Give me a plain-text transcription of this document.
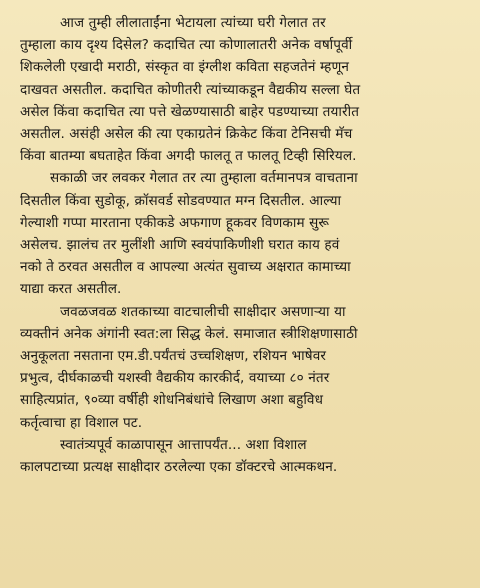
आज तुम्ही लीलाताईंना भेटायला त्यांच्या घरी गेलात तर
तुम्हाला काय दृश्य दिसेल? कदाचित त्या कोणालातरी अनेक वर्षापूर्वी
शिकलेली एखादी मराठी, संस्कृत वा इंग्लीश कविता सहजतेनं म्हणून
दाखवत असतील. कदाचित कोणीतरी त्यांच्याकडून वैद्यकीय सल्ला घेत
असेल किंवा कदाचित त्या पत्ते खेळण्यासाठी बाहेर पडण्याच्या तयारीत
असतील. असंही असेल की त्या एकाग्रतेनं क्रिकेट किंवा टेनिसची मॅच
किंवा बातम्या बघताहेत किंवा अगदी फालतू त फालतू टिव्ही सिरियल.

सकाळी जर लवकर गेलात तर त्या तुम्हाला वर्तमानपत्र वाचताना
दिसतील किंवा सुडोकू, क्रॉसवर्ड सोडवण्यात मग्न दिसतील. आल्या
गेल्याशी गप्पा मारताना एकीकडे अफगाण हूकवर विणकाम सुरू
असेलच. झालंच तर मुलींशी आणि स्वयंपाकिणीशी घरात काय हवं
नको ते ठरवत असतील व आपल्या अत्यंत सुवाच्य अक्षरात कामाच्या
याद्या करत असतील.

जवळजवळ शतकाच्या वाटचालीची साक्षीदार असणाऱ्या या
व्यक्तीनं अनेक अंगांनी स्वत:ला सिद्ध केलं. समाजात स्त्रीशिक्षणासाठी
अनुकूलता नसताना एम.डी.पर्यंतचं उच्चशिक्षण, रशियन भाषेवर
प्रभुत्व, दीर्घकाळची यशस्वी वैद्यकीय कारकीर्द, वयाच्या ८० नंतर
साहित्यप्रांत, ९०व्या वर्षीही शोधनिबंधांचे लिखाण अशा बहुविध
कर्तृत्वाचा हा विशाल पट.

स्वातंत्र्यपूर्व काळापासून आत्तापर्यंत... अशा विशाल
कालपटाच्या प्रत्यक्ष साक्षीदार ठरलेल्या एका डॉक्टरचे आत्मकथन.
